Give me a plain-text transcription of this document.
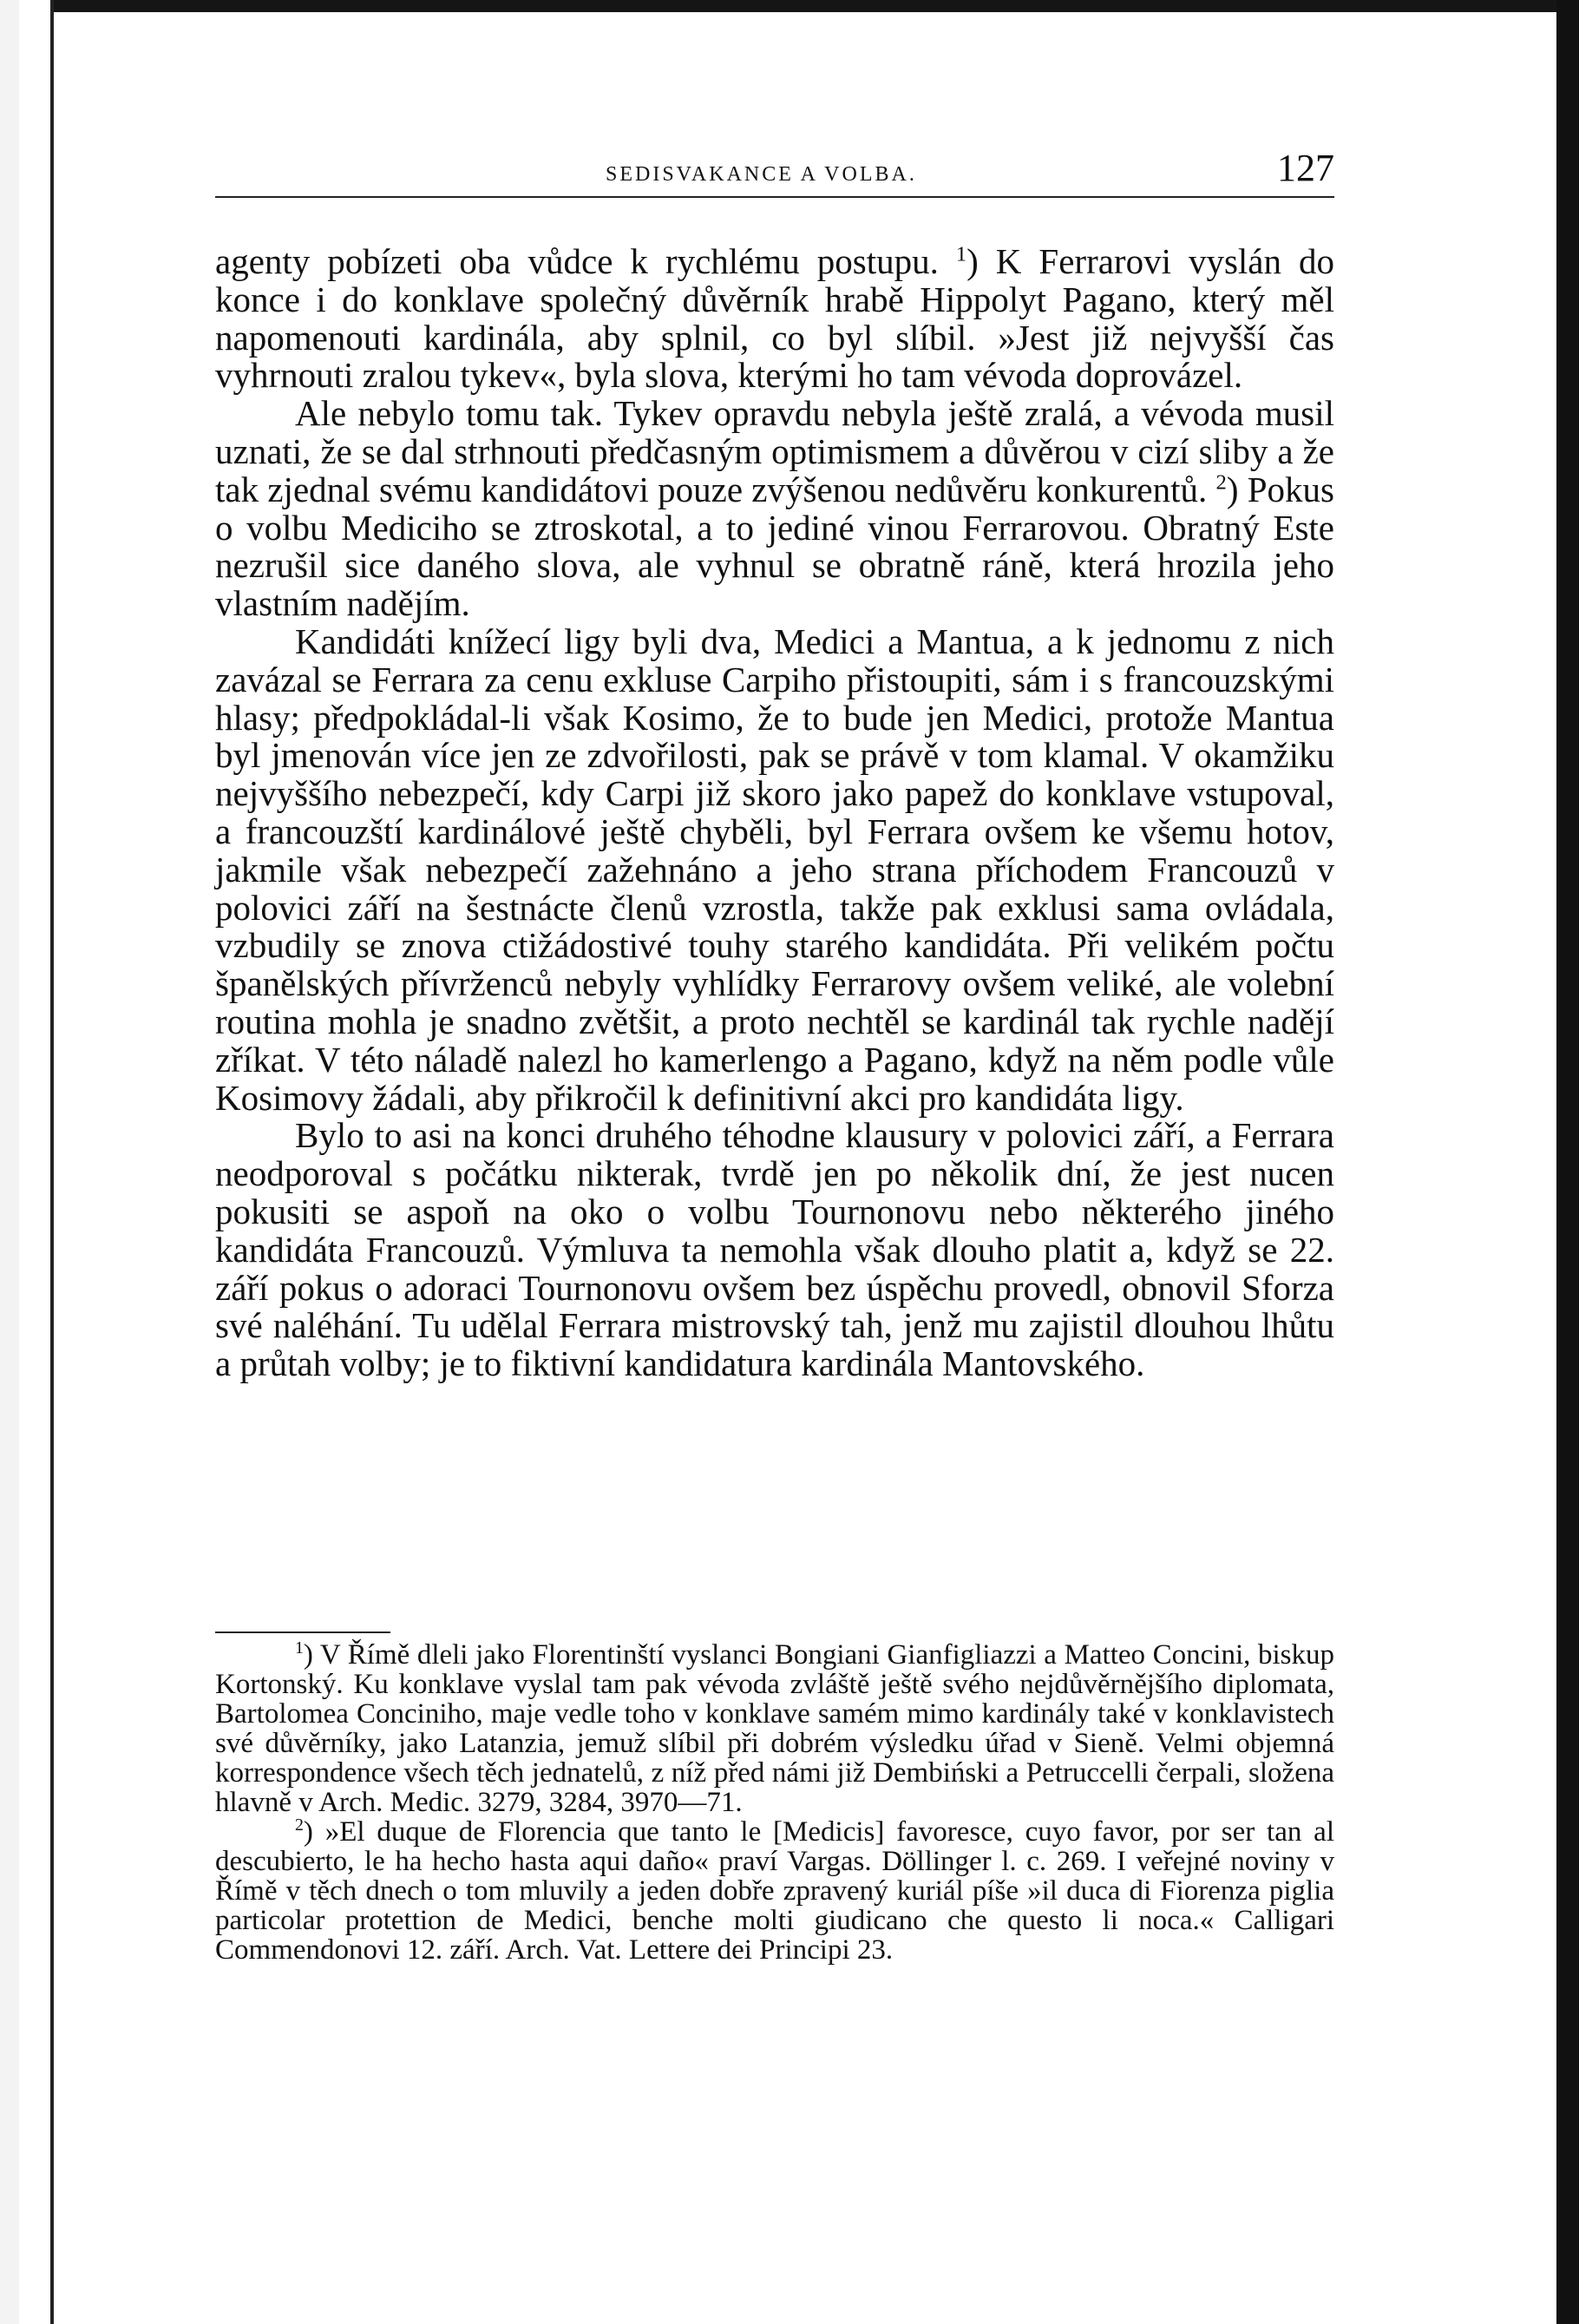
SEDISVAKANCE A VOLBA.	127

agenty pobízeti oba vůdce k rychlému postupu. $^1$) K Ferrarovi vyslán do konce i do konklave společný důvěrník hrabě Hippolyt Pagano, který měl napomenouti kardinála, aby splnil, co byl slíbil. »Jest již nejvyšší čas vyhrnouti zralou tykev«, byla slova, kterými ho tam vévoda doprovázel.

Ale nebylo tomu tak. Tykev opravdu nebyla ještě zralá, a vévoda musil uznati, že se dal strhnouti předčasným optimismem a důvěrou v cizí sliby a že tak zjednal svému kandidátovi pouze zvýšenou nedůvěru konkurentů. $^2$) Pokus o volbu Mediciho se ztroskotal, a to jediné vinou Ferrarovou. Obratný Este nezrušil sice daného slova, ale vyhnul se obratně ráně, která hrozila jeho vlastním nadějím.

Kandidáti knížecí ligy byli dva, Medici a Mantua, a k jednomu z nich zavázal se Ferrara za cenu exkluse Carpiho přistoupiti, sám i s francouzskými hlasy; předpokládal-li však Kosimo, že to bude jen Medici, protože Mantua byl jmenován více jen ze zdvořilosti, pak se právě v tom klamal. V okamžiku nejvyššího nebezpečí, kdy Carpi již skoro jako papež do konklave vstupoval, a francouzští kardinálové ještě chyběli, byl Ferrara ovšem ke všemu hotov, jakmile však nebezpečí zažehnáno a jeho strana příchodem Francouzů v polovici září na šestnácte členů vzrostla, takže pak exklusi sama ovládala, vzbudily se znova ctižádostivé touhy starého kandidáta. Při velikém počtu španělských přívrženců nebyly vyhlídky Ferrarovy ovšem veliké, ale volební routina mohla je snadno zvětšit, a proto nechtěl se kardinál tak rychle nadějí zříkat. V této náladě nalezl ho kamerlengo a Pagano, když na něm podle vůle Kosimovy žádali, aby přikročil k definitivní akci pro kandidáta ligy.

Bylo to asi na konci druhého téhodne klausury v polovici září, a Ferrara neodporoval s počátku nikterak, tvrdě jen po několik dní, že jest nucen pokusiti se aspoň na oko o volbu Tournonovu nebo některého jiného kandidáta Francouzů. Výmluva ta nemohla však dlouho platit a, když se 22. září pokus o adoraci Tournonovu ovšem bez úspěchu provedl, obnovil Sforza své naléhání. Tu udělal Ferrara mistrovský tah, jenž mu zajistil dlouhou lhůtu a průtah volby; je to fiktivní kandidatura kardinála Mantovského.

$^1$) V Římě dleli jako Florentinští vyslanci Bongiani Gianfigliazzi a Matteo Concini, biskup Kortonský. Ku konklave vyslal tam pak vévoda zvláště ještě svého nejdůvěrnějšího diplomata, Bartolomea Conciniho, maje vedle toho v konklave samém mimo kardinály také v konklavistech své důvěrníky, jako Latanzia, jemuž slíbil při dobrém výsledku úřad v Sieně. Velmi objemná korrespondence všech těch jednatelů, z níž před námi již Dembiński a Petruccelli čerpali, složena hlavně v Arch. Medic. 3279, 3284, 3970—71.

$^2$) »El duque de Florencia que tanto le [Medicis] favoresce, cuyo favor, por ser tan al descubierto, le ha hecho hasta aqui daño« praví Vargas. Döllinger l. c. 269. I veřejné noviny v Římě v těch dnech o tom mluvily a jeden dobře zpravený kuriál píše »il duca di Fiorenza piglia particolar protettion de Medici, benche molti giudicano che questo li noca.« Calligari Commendonovi 12. září. Arch. Vat. Lettere dei Principi 23.
